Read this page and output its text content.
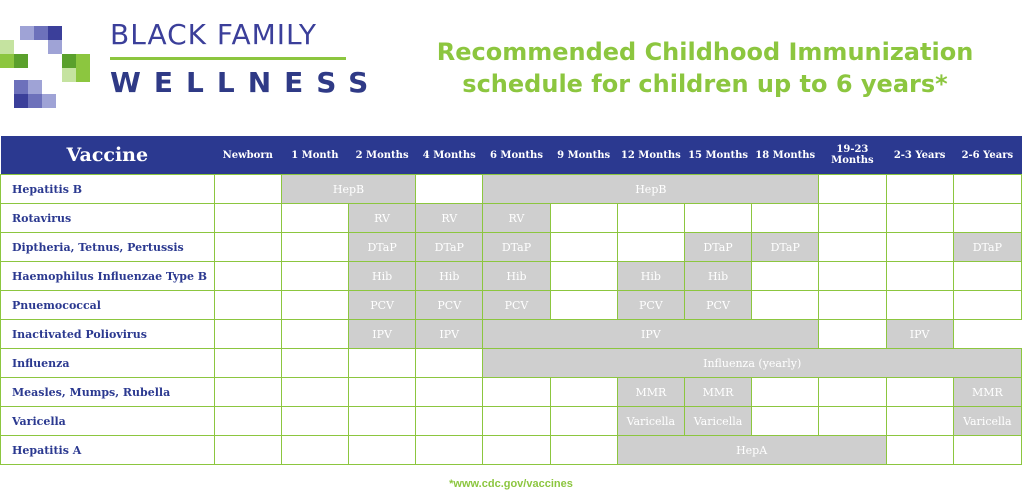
BLACK FAMILY
WELLNESS
Recommended Childhood Immunization
schedule for children up to 6 years*
Vaccine	Newborn	1 Month	2 Months	4 Months	6 Months	9 Months	12 Months	15 Months	18 Months	19-23 Months	2-3 Years	2-6 Years
Hepatitis B		HepB			HepB							
Rotavirus			RV	RV	RV							
Diptheria, Tetnus, Pertussis			DTaP	DTaP	DTaP			DTaP	DTaP			DTaP
Haemophilus Influenzae Type B			Hib	Hib	Hib		Hib	Hib				
Pnuemococcal			PCV	PCV	PCV		PCV	PCV				
Inactivated Poliovirus			IPV	IPV	IPV						IPV	
Influenza					Influenza (yearly)							
Measles, Mumps, Rubella							MMR	MMR				MMR
Varicella							Varicella	Varicella				Varicella
Hepatitis A							HepA					
*www.cdc.gov/vaccines
